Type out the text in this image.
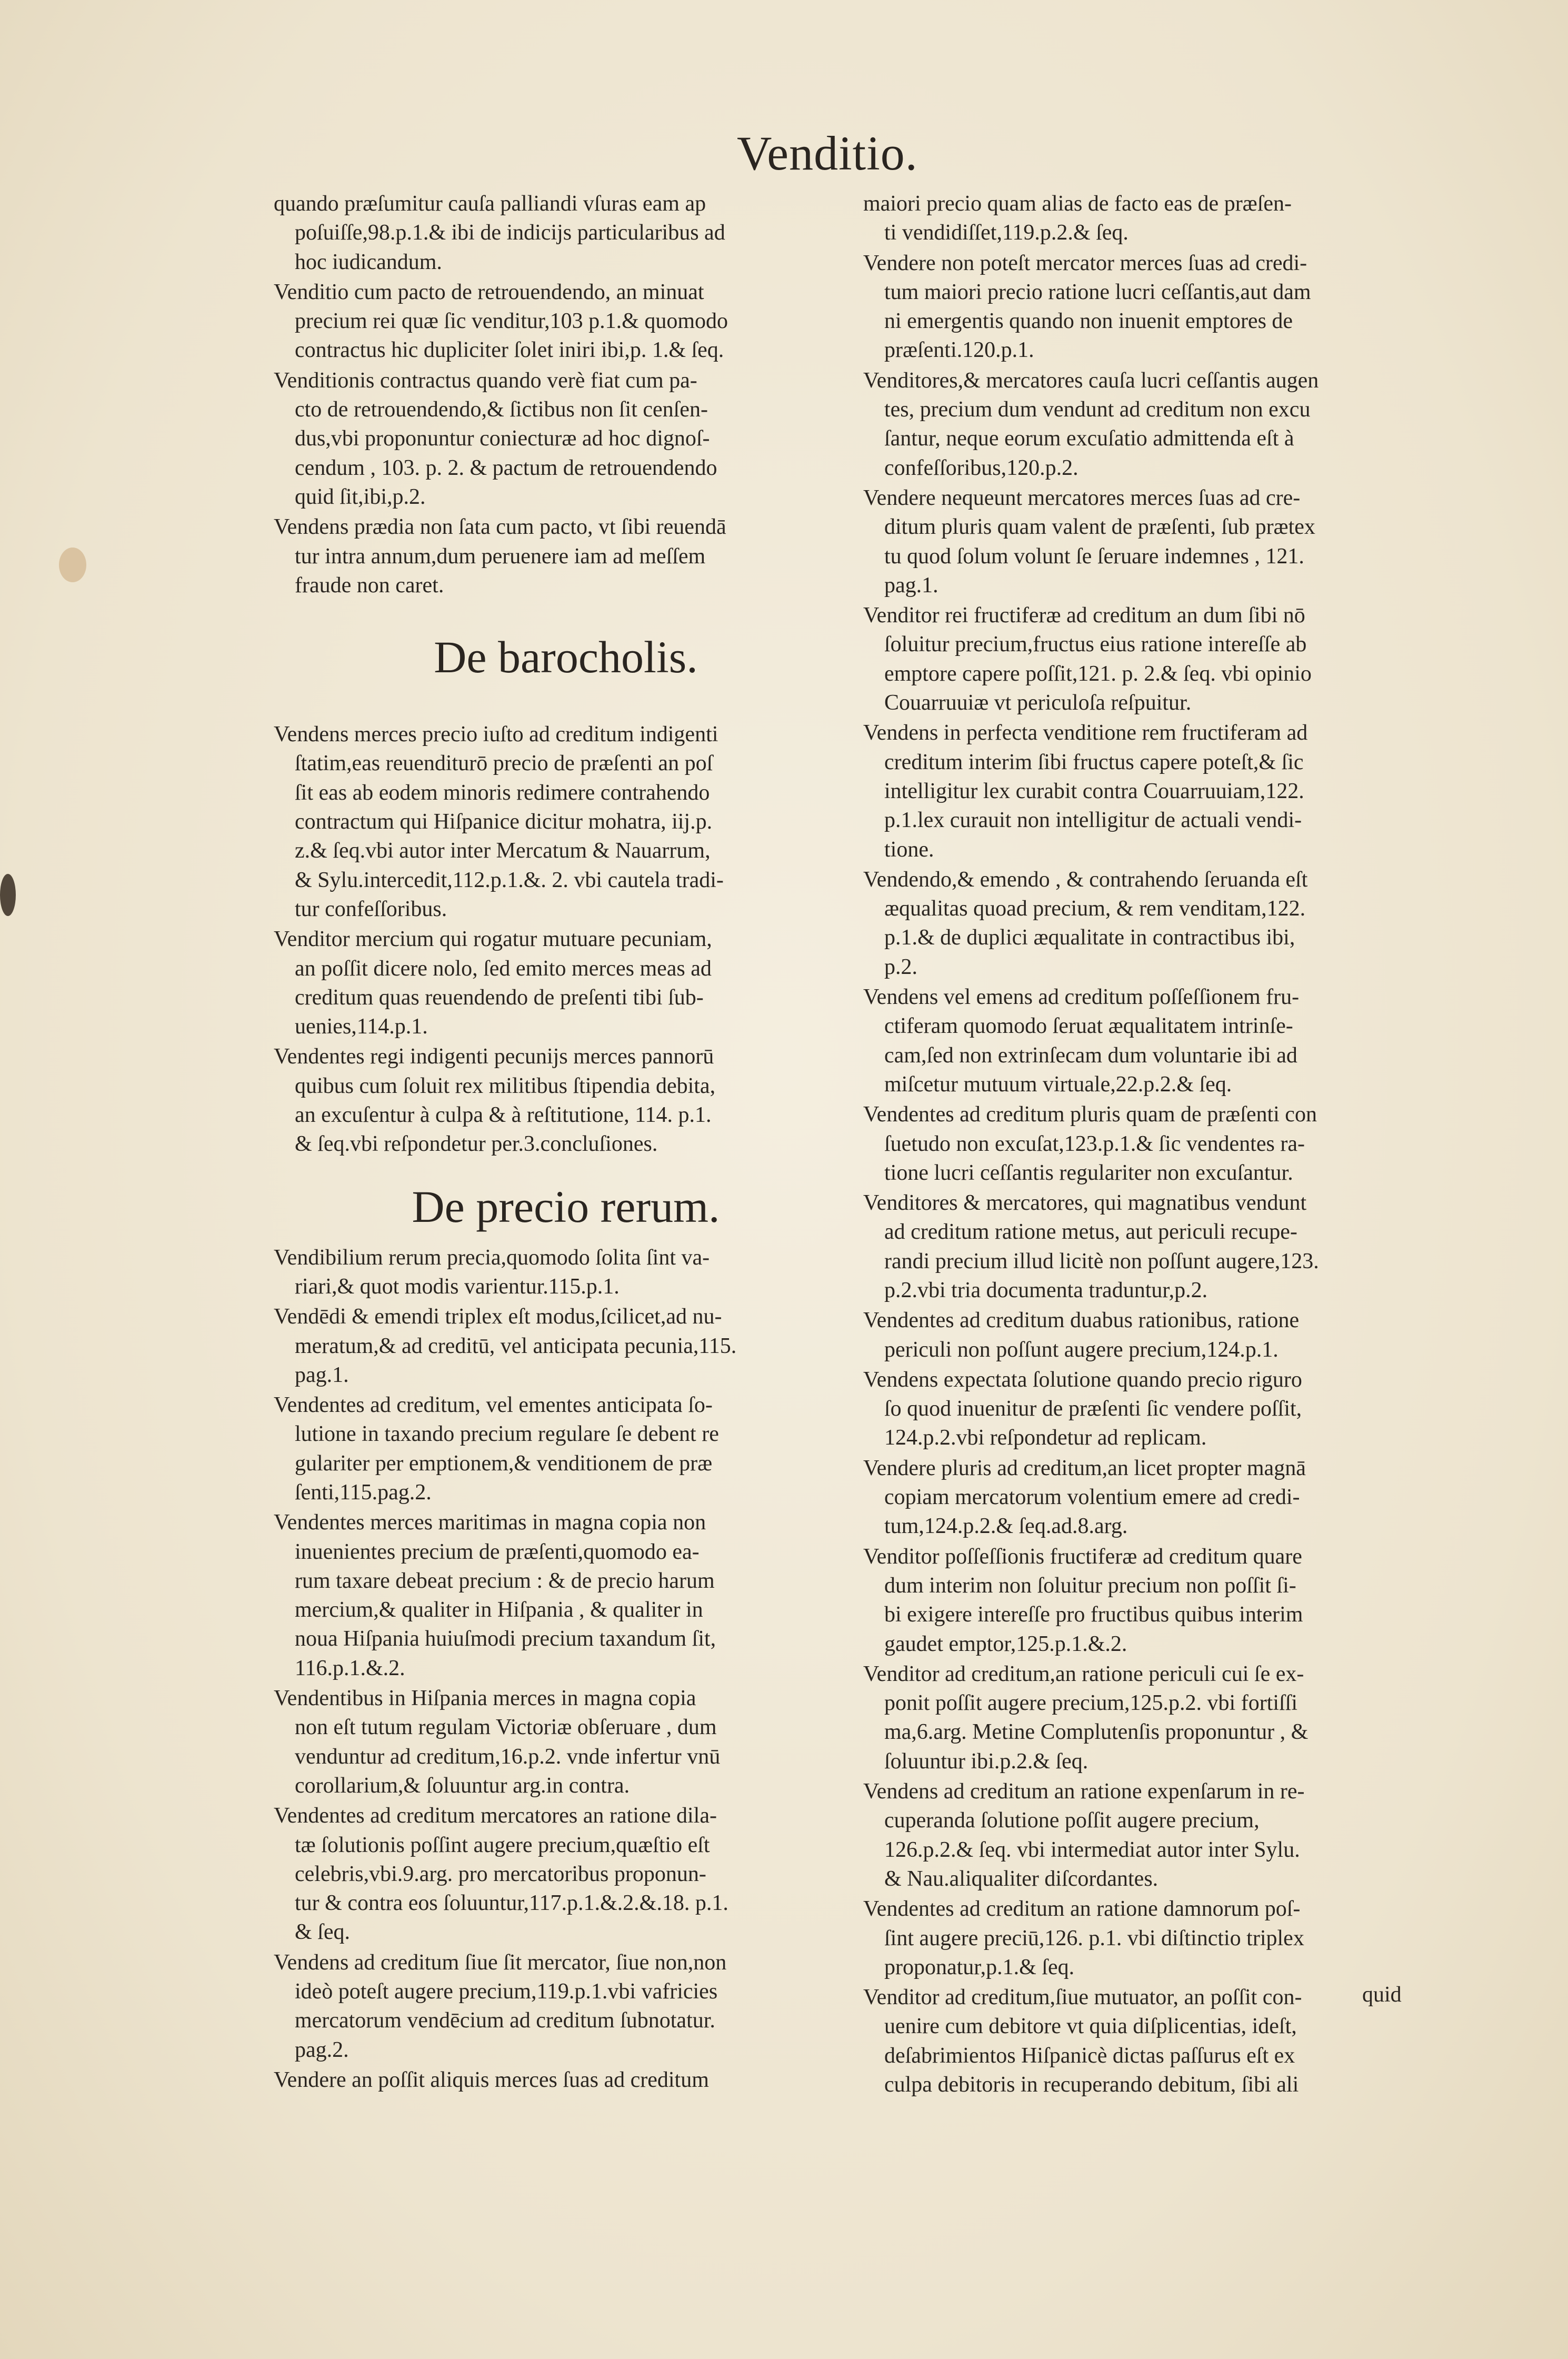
Venditio.

quando præſumitur cauſa palliandi vſuras eam ap
poſuiſſe,98.p.1.& ibi de indicijs particularibus ad
hoc iudicandum.

Venditio cum pacto de retrouendendo, an minuat
precium rei quæ ſic venditur,103 p.1.& quomodo
contractus hic dupliciter ſolet iniri ibi,p. 1.& ſeq.

Venditionis contractus quando verè fiat cum pa-
cto de retrouendendo,& ſictibus non ſit cenſen-
dus,vbi proponuntur coniecturæ ad hoc dignoſ-
cendum , 103. p. 2. & pactum de retrouendendo
quid ſit,ibi,p.2.

Vendens prædia non ſata cum pacto, vt ſibi reuendā
tur intra annum,dum peruenere iam ad meſſem
fraude non caret.

De barocholis.

Vendens merces precio iuſto ad creditum indigenti
ſtatim,eas reuenditurō precio de præſenti an poſ
ſit eas ab eodem minoris redimere contrahendo
contractum qui Hiſpanice dicitur mohatra, iij.p.
z.& ſeq.vbi autor inter Mercatum & Nauarrum,
& Sylu.intercedit,112.p.1.&. 2. vbi cautela tradi-
tur confeſſoribus.

Venditor mercium qui rogatur mutuare pecuniam,
an poſſit dicere nolo, ſed emito merces meas ad
creditum quas reuendendo de preſenti tibi ſub-
uenies,114.p.1.

Vendentes regi indigenti pecunijs merces pannorū
quibus cum ſoluit rex militibus ſtipendia debita,
an excuſentur à culpa & à reſtitutione, 114. p.1.
& ſeq.vbi reſpondetur per.3.concluſiones.

De precio rerum.

Vendibilium rerum precia,quomodo ſolita ſint va-
riari,& quot modis varientur.115.p.1.

Vendēdi & emendi triplex eſt modus,ſcilicet,ad nu-
meratum,& ad creditū, vel anticipata pecunia,115.
pag.1.

Vendentes ad creditum, vel ementes anticipata ſo-
lutione in taxando precium regulare ſe debent re
gulariter per emptionem,& venditionem de præ
ſenti,115.pag.2.

Vendentes merces maritimas in magna copia non
inuenientes precium de præſenti,quomodo ea-
rum taxare debeat precium : & de precio harum
mercium,& qualiter in Hiſpania , & qualiter in
noua Hiſpania huiuſmodi precium taxandum ſit,
116.p.1.&.2.

Vendentibus in Hiſpania merces in magna copia
non eſt tutum regulam Victoriæ obſeruare , dum
venduntur ad creditum,16.p.2. vnde infertur vnū
corollarium,& ſoluuntur arg.in contra.

Vendentes ad creditum mercatores an ratione dila-
tæ ſolutionis poſſint augere precium,quæſtio eſt
celebris,vbi.9.arg. pro mercatoribus proponun-
tur & contra eos ſoluuntur,117.p.1.&.2.&.18. p.1.
& ſeq.

Vendens ad creditum ſiue ſit mercator, ſiue non,non
ideò poteſt augere precium,119.p.1.vbi vafricies
mercatorum vendēcium ad creditum ſubnotatur.
pag.2.

Vendere an poſſit aliquis merces ſuas ad creditum

maiori precio quam alias de facto eas de præſen-
ti vendidiſſet,119.p.2.& ſeq.

Vendere non poteſt mercator merces ſuas ad credi-
tum maiori precio ratione lucri ceſſantis,aut dam
ni emergentis quando non inuenit emptores de
præſenti.120.p.1.

Venditores,& mercatores cauſa lucri ceſſantis augen
tes, precium dum vendunt ad creditum non excu
ſantur, neque eorum excuſatio admittenda eſt à
confeſſoribus,120.p.2.

Vendere nequeunt mercatores merces ſuas ad cre-
ditum pluris quam valent de præſenti, ſub prætex
tu quod ſolum volunt ſe ſeruare indemnes , 121.
pag.1.

Venditor rei fructiferæ ad creditum an dum ſibi nō
ſoluitur precium,fructus eius ratione intereſſe ab
emptore capere poſſit,121. p. 2.& ſeq. vbi opinio
Couarruuiæ vt periculoſa reſpuitur.

Vendens in perfecta venditione rem fructiferam ad
creditum interim ſibi fructus capere poteſt,& ſic
intelligitur lex curabit contra Couarruuiam,122.
p.1.lex curauit non intelligitur de actuali vendi-
tione.

Vendendo,& emendo , & contrahendo ſeruanda eſt
æqualitas quoad precium, & rem venditam,122.
p.1.& de duplici æqualitate in contractibus ibi,
p.2.

Vendens vel emens ad creditum poſſeſſionem fru-
ctiferam quomodo ſeruat æqualitatem intrinſe-
cam,ſed non extrinſecam dum voluntarie ibi ad
miſcetur mutuum virtuale,22.p.2.& ſeq.

Vendentes ad creditum pluris quam de præſenti con
ſuetudo non excuſat,123.p.1.& ſic vendentes ra-
tione lucri ceſſantis regulariter non excuſantur.

Venditores & mercatores, qui magnatibus vendunt
ad creditum ratione metus, aut periculi recupe-
randi precium illud licitè non poſſunt augere,123.
p.2.vbi tria documenta traduntur,p.2.

Vendentes ad creditum duabus rationibus, ratione
periculi non poſſunt augere precium,124.p.1.

Vendens expectata ſolutione quando precio riguro
ſo quod inuenitur de præſenti ſic vendere poſſit,
124.p.2.vbi reſpondetur ad replicam.

Vendere pluris ad creditum,an licet propter magnā
copiam mercatorum volentium emere ad credi-
tum,124.p.2.& ſeq.ad.8.arg.

Venditor poſſeſſionis fructiferæ ad creditum quare
dum interim non ſoluitur precium non poſſit ſi-
bi exigere intereſſe pro fructibus quibus interim
gaudet emptor,125.p.1.&.2.

Venditor ad creditum,an ratione periculi cui ſe ex-
ponit poſſit augere precium,125.p.2. vbi fortiſſi
ma,6.arg. Metine Complutenſis proponuntur , &
ſoluuntur ibi.p.2.& ſeq.

Vendens ad creditum an ratione expenſarum in re-
cuperanda ſolutione poſſit augere precium,
126.p.2.& ſeq. vbi intermediat autor inter Sylu.
& Nau.aliqualiter diſcordantes.

Vendentes ad creditum an ratione damnorum poſ-
ſint augere preciū,126. p.1. vbi diſtinctio triplex
proponatur,p.1.& ſeq.

Venditor ad creditum,ſiue mutuator, an poſſit con-
uenire cum debitore vt quia diſplicentias, ideſt,
deſabrimientos Hiſpanicè dictas paſſurus eſt ex
culpa debitoris in recuperando debitum, ſibi ali

quid
